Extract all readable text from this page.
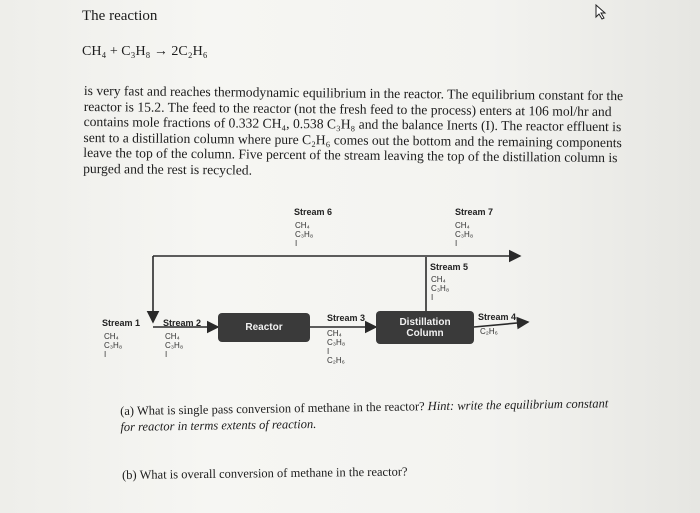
The reaction
CH₄ + C₃H₈ → 2C₂H₆
is very fast and reaches thermodynamic equilibrium in the reactor. The equilibrium constant for the reactor is 15.2. The feed to the reactor (not the fresh feed to the process) enters at 106 mol/hr and contains mole fractions of 0.332 CH₄, 0.538 C₃H₈ and the balance Inerts (I). The reactor effluent is sent to a distillation column where pure C₂H₆ comes out the bottom and the remaining components leave the top of the column. Five percent of the stream leaving the top of the distillation column is purged and the rest is recycled.
Reactor	Distillation
Column
Stream 1
CH₄
C₃H₈
I
Stream 2
CH₄
C₃H₈
I
Stream 3
CH₄
C₃H₈
I
C₂H₆
Stream 4
C₂H₆
Stream 5
CH₄
C₃H₈
I
Stream 6
CH₄
C₃H₈
I
Stream 7
CH₄
C₃H₈
I
(a) What is single pass conversion of methane in the reactor? Hint: write the equilibrium constant for reactor in terms extents of reaction.
(b) What is overall conversion of methane in the reactor?
